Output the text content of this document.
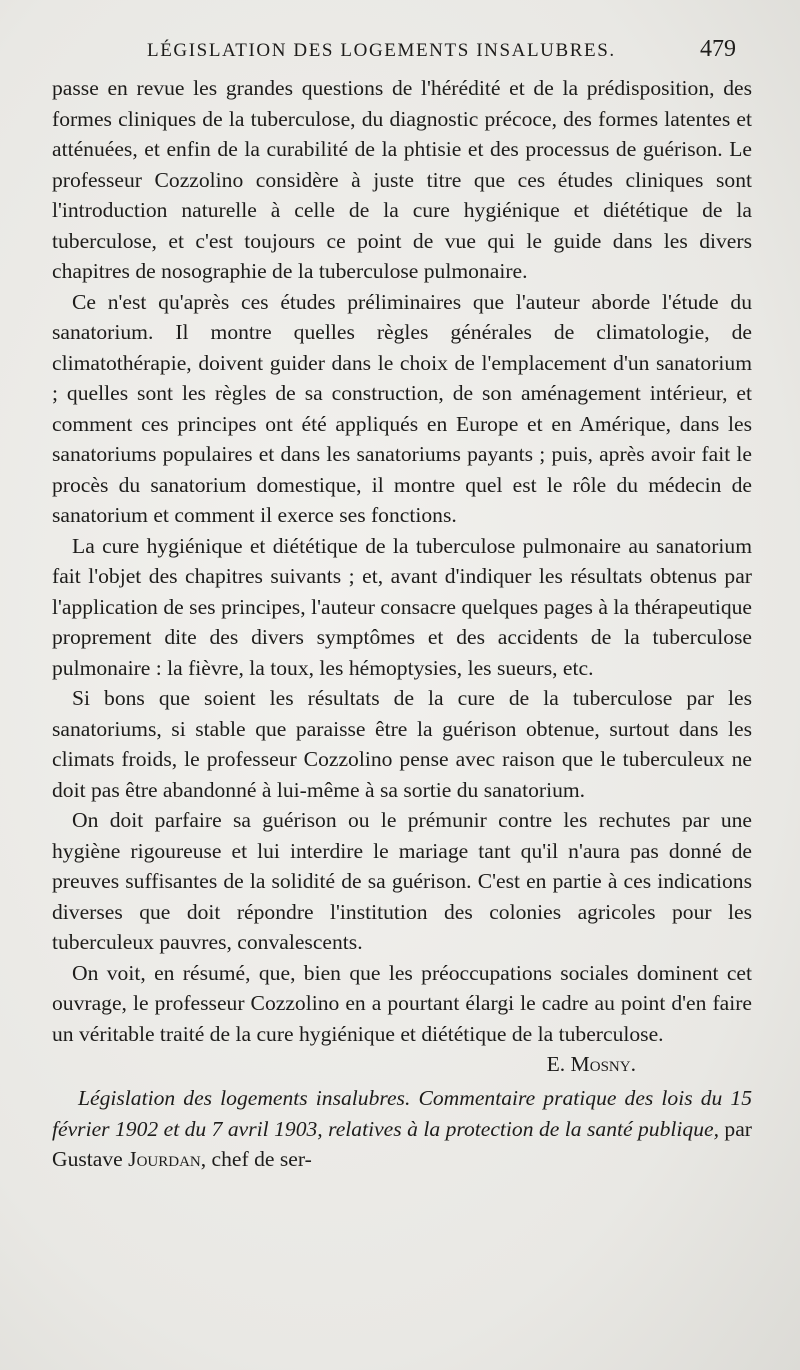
LÉGISLATION DES LOGEMENTS INSALUBRES.	479

passe en revue les grandes questions de l'hérédité et de la prédisposition, des formes cliniques de la tuberculose, du diagnostic précoce, des formes latentes et atténuées, et enfin de la curabilité de la phtisie et des processus de guérison. Le professeur Cozzolino considère à juste titre que ces études cliniques sont l'introduction naturelle à celle de la cure hygiénique et diététique de la tuberculose, et c'est toujours ce point de vue qui le guide dans les divers chapitres de nosographie de la tuberculose pulmonaire.

Ce n'est qu'après ces études préliminaires que l'auteur aborde l'étude du sanatorium. Il montre quelles règles générales de climatologie, de climatothérapie, doivent guider dans le choix de l'emplacement d'un sanatorium ; quelles sont les règles de sa construction, de son aménagement intérieur, et comment ces principes ont été appliqués en Europe et en Amérique, dans les sanatoriums populaires et dans les sanatoriums payants ; puis, après avoir fait le procès du sanatorium domestique, il montre quel est le rôle du médecin de sanatorium et comment il exerce ses fonctions.

La cure hygiénique et diététique de la tuberculose pulmonaire au sanatorium fait l'objet des chapitres suivants ; et, avant d'indiquer les résultats obtenus par l'application de ses principes, l'auteur consacre quelques pages à la thérapeutique proprement dite des divers symptômes et des accidents de la tuberculose pulmonaire : la fièvre, la toux, les hémoptysies, les sueurs, etc.

Si bons que soient les résultats de la cure de la tuberculose par les sanatoriums, si stable que paraisse être la guérison obtenue, surtout dans les climats froids, le professeur Cozzolino pense avec raison que le tuberculeux ne doit pas être abandonné à lui-même à sa sortie du sanatorium.

On doit parfaire sa guérison ou le prémunir contre les rechutes par une hygiène rigoureuse et lui interdire le mariage tant qu'il n'aura pas donné de preuves suffisantes de la solidité de sa guérison. C'est en partie à ces indications diverses que doit répondre l'institution des colonies agricoles pour les tuberculeux pauvres, convalescents.

On voit, en résumé, que, bien que les préoccupations sociales dominent cet ouvrage, le professeur Cozzolino en a pourtant élargi le cadre au point d'en faire un véritable traité de la cure hygiénique et diététique de la tuberculose.
E. Mosny.

Législation des logements insalubres. Commentaire pratique des lois du 15 février 1902 et du 7 avril 1903, relatives à la protection de la santé publique, par Gustave Jourdan, chef de ser-
